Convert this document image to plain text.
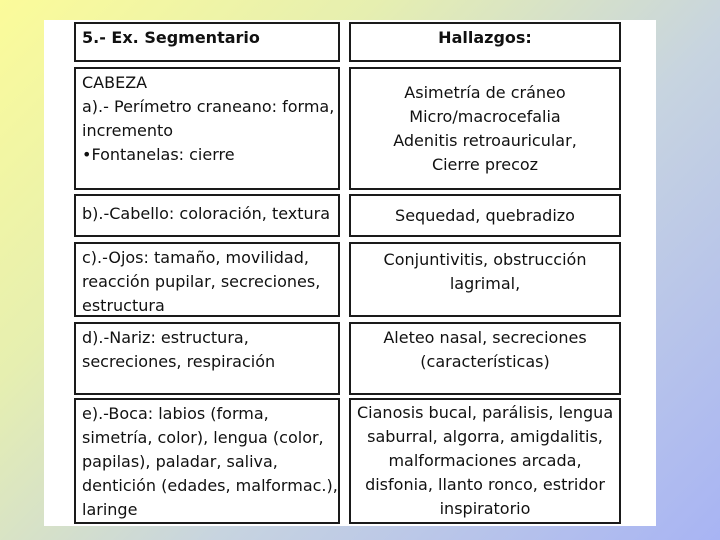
5.- Ex. Segmentario	Hallazgos:
CABEZA
a).- Perímetro craneano: forma,
incremento
•Fontanelas: cierre
Asimetría de cráneo
Micro/macrocefalia
Adenitis retroauricular,
Cierre precoz
b).-Cabello: coloración, textura	Sequedad, quebradizo
c).-Ojos: tamaño, movilidad,
reacción pupilar, secreciones,
estructura
Conjuntivitis, obstrucción
lagrimal,
d).-Nariz: estructura,
secreciones, respiración
Aleteo nasal, secreciones
(características)
e).-Boca: labios (forma,
simetría, color), lengua (color,
papilas), paladar, saliva,
dentición (edades, malformac.),
laringe
Cianosis bucal, parálisis, lengua
saburral, algorra, amigdalitis,
malformaciones arcada,
disfonia, llanto ronco, estridor
inspiratorio
